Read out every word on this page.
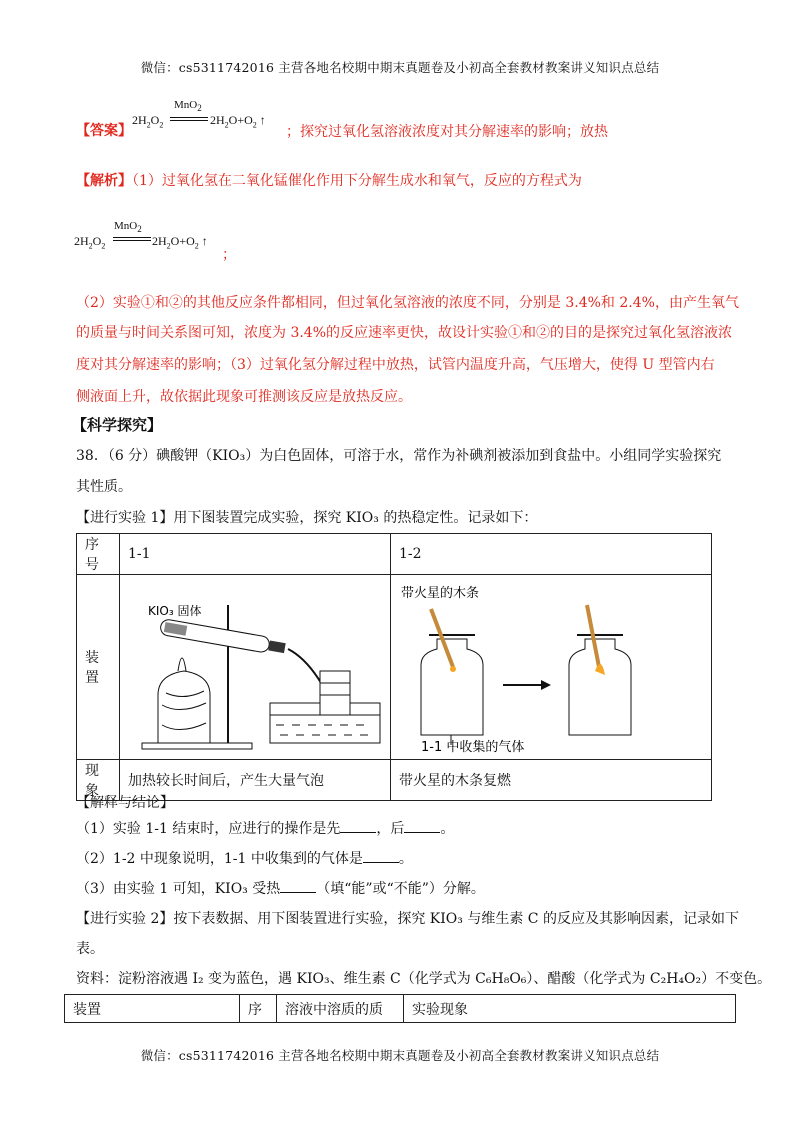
微信：cs5311742016 主营各地名校期中期末真题卷及小初高全套教材教案讲义知识点总结
【答案】
MnO$_2$
$2H_2O_2$	$2H_2O+O_2$ ↑
；探究过氧化氢溶液浓度对其分解速率的影响；放热
【解析】（1）过氧化氢在二氧化锰催化作用下分解生成水和氧气，反应的方程式为
MnO$_2$
$2H_2O_2$	$2H_2O+O_2$ ↑
；
（2）实验①和②的其他反应条件都相同，但过氧化氢溶液的浓度不同，分别是 3.4%和 2.4%，由产生氧气
的质量与时间关系图可知，浓度为 3.4%的反应速率更快，故设计实验①和②的目的是探究过氧化氢溶液浓
度对其分解速率的影响；（3）过氧化氢分解过程中放热，试管内温度升高，气压增大，使得 U 型管内右
侧液面上升，故依据此现象可推测该反应是放热反应。
【科学探究】
38．（6 分）碘酸钾（KIO₃）为白色固体，可溶于水，常作为补碘剂被添加到食盐中。小组同学实验探究
其性质。
【进行实验 1】用下图装置完成实验，探究 KIO₃ 的热稳定性。记录如下：
序号	1-1	1-2
装置	KIO₃ 固体	带火星的木条
1-1 中收集的气体

现象	加热较长时间后，产生大量气泡	带火星的木条复燃
【解释与结论】
（1）实验 1-1 结束时，应进行的操作是先	，后	。
（2）1-2 中现象说明，1-1 中收集到的气体是	。
（3）由实验 1 可知，KIO₃ 受热	（填“能”或“不能”）分解。
【进行实验 2】按下表数据、用下图装置进行实验，探究 KIO₃ 与维生素 C 的反应及其影响因素，记录如下
表。
资料：淀粉溶液遇 I₂ 变为蓝色，遇 KIO₃、维生素 C（化学式为 C₆H₈O₆）、醋酸（化学式为 C₂H₄O₂）不变色。
装置	序	溶液中溶质的质	实验现象
微信：cs5311742016 主营各地名校期中期末真题卷及小初高全套教材教案讲义知识点总结
